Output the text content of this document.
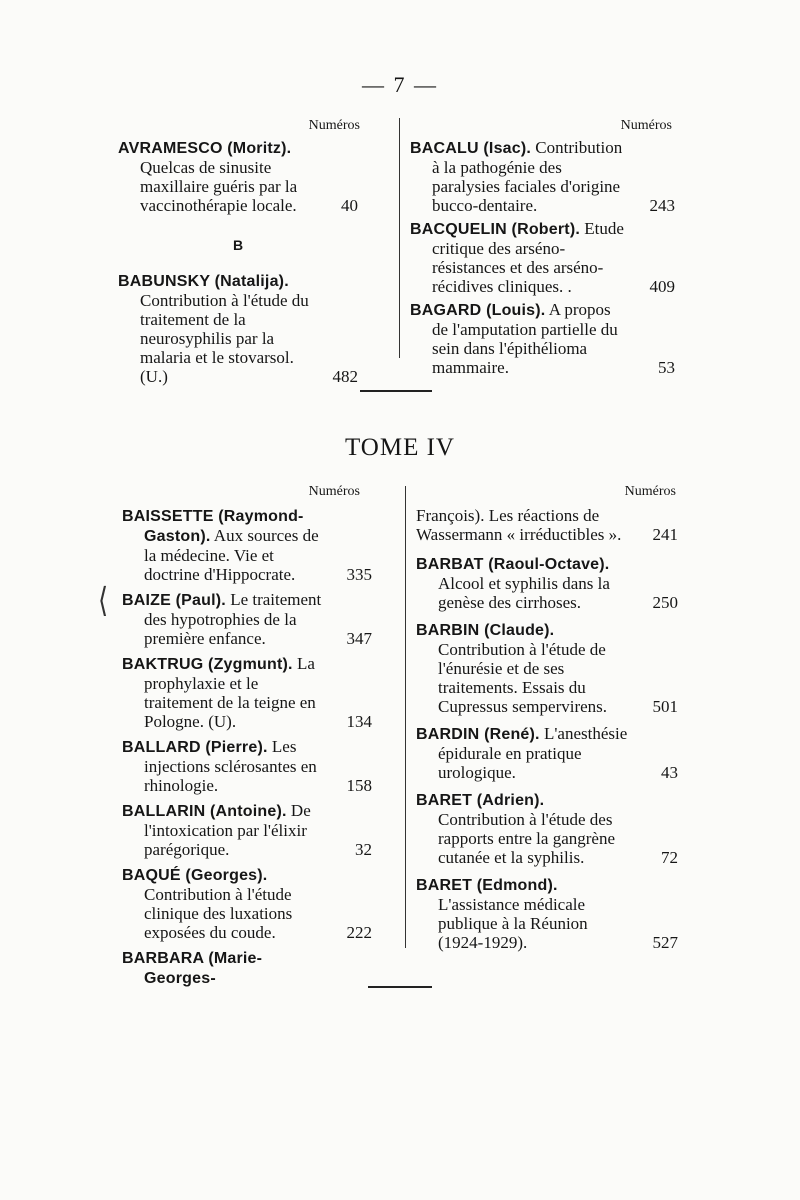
— 7 —
Numéros	Numéros
AVRAMESCO (Moritz). Quelcas de sinusite maxillaire guéris par la vaccinothérapie locale.	40
B
BABUNSKY (Natalija). Contribution à l'étude du traitement de la neurosyphilis par la malaria et le stovarsol. (U.)	482
BACALU (Isac). Contribution à la pathogénie des paralysies faciales d'origine bucco-dentaire.	243
BACQUELIN (Robert). Etude critique des arséno-résistances et des arséno-récidives cliniques. .	409
BAGARD (Louis). A propos de l'amputation partielle du sein dans l'épithélioma mammaire.	53
TOME IV
Numéros	Numéros
⟨
BAISSETTE (Raymond-Gaston). Aux sources de la médecine. Vie et doctrine d'Hippocrate.	335
BAIZE (Paul). Le traitement des hypotrophies de la première enfance.	347
BAKTRUG (Zygmunt). La prophylaxie et le traitement de la teigne en Pologne. (U).	134
BALLARD (Pierre). Les injections sclérosantes en rhinologie.	158
BALLARIN (Antoine). De l'intoxication par l'élixir parégorique.	32
BAQUÉ (Georges). Contribution à l'étude clinique des luxations exposées du coude.	222
BARBARA (Marie-Georges-
François). Les réactions de Wassermann « irréductibles ». 241
BARBAT (Raoul-Octave). Alcool et syphilis dans la genèse des cirrhoses.	250
BARBIN (Claude). Contribution à l'étude de l'énurésie et de ses traitements. Essais du Cupressus sempervirens.	501
BARDIN (René). L'anesthésie épidurale en pratique urologique.	43
BARET (Adrien). Contribution à l'étude des rapports entre la gangrène cutanée et la syphilis.	72
BARET (Edmond). L'assistance médicale publique à la Réunion (1924-1929).	527
